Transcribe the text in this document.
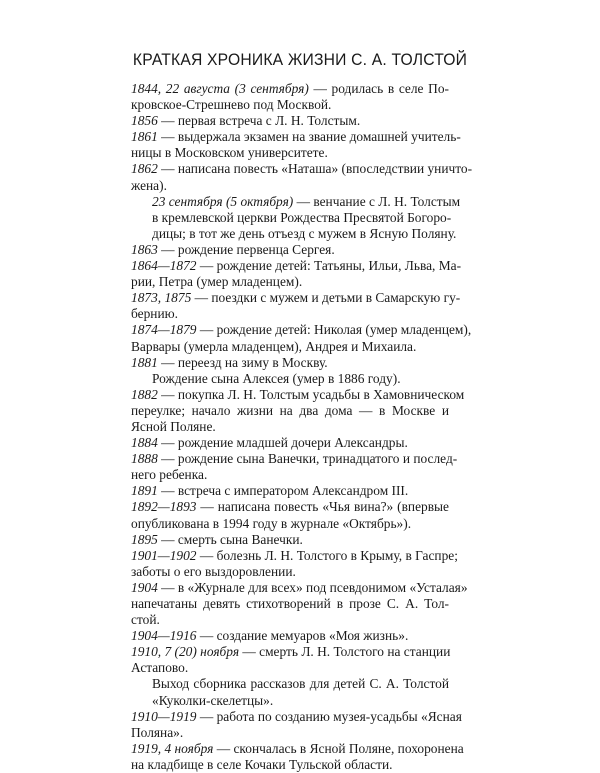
КРАТКАЯ ХРОНИКА ЖИЗНИ С. А. ТОЛСТОЙ
1844, 22 августа (3 сентября) — родилась в селе По-
кровское-Стрешнево под Москвой.
1856 — первая встреча с Л. Н. Толстым.
1861 — выдержала экзамен на звание домашней учитель-
ницы в Московском университете.
1862 — написана повесть «Наташа» (впоследствии уничто-
жена).
23 сентября (5 октября) — венчание с Л. Н. Толстым
в кремлевской церкви Рождества Пресвятой Богоро-
дицы; в тот же день отъезд с мужем в Ясную Поляну.
1863 — рождение первенца Сергея.
1864—1872 — рождение детей: Татьяны, Ильи, Льва, Ма-
рии, Петра (умер младенцем).
1873, 1875 — поездки с мужем и детьми в Самарскую гу-
бернию.
1874—1879 — рождение детей: Николая (умер младенцем),
Варвары (умерла младенцем), Андрея и Михаила.
1881 — переезд на зиму в Москву.
Рождение сына Алексея (умер в 1886 году).
1882 — покупка Л. Н. Толстым усадьбы в Хамовническом
переулке; начало жизни на два дома — в Москве и
Ясной Поляне.
1884 — рождение младшей дочери Александры.
1888 — рождение сына Ванечки, тринадцатого и послед-
него ребенка.
1891 — встреча с императором Александром III.
1892—1893 — написана повесть «Чья вина?» (впервые
опубликована в 1994 году в журнале «Октябрь»).
1895 — смерть сына Ванечки.
1901—1902 — болезнь Л. Н. Толстого в Крыму, в Гаспре;
заботы о его выздоровлении.
1904 — в «Журнале для всех» под псевдонимом «Усталая»
напечатаны девять стихотворений в прозе С. А. Тол-
стой.
1904—1916 — создание мемуаров «Моя жизнь».
1910, 7 (20) ноября — смерть Л. Н. Толстого на станции
Астапово.
Выход сборника рассказов для детей С. А. Толстой
«Куколки-скелетцы».
1910—1919 — работа по созданию музея-усадьбы «Ясная
Поляна».
1919, 4 ноября — скончалась в Ясной Поляне, похоронена
на кладбище в селе Кочаки Тульской области.
